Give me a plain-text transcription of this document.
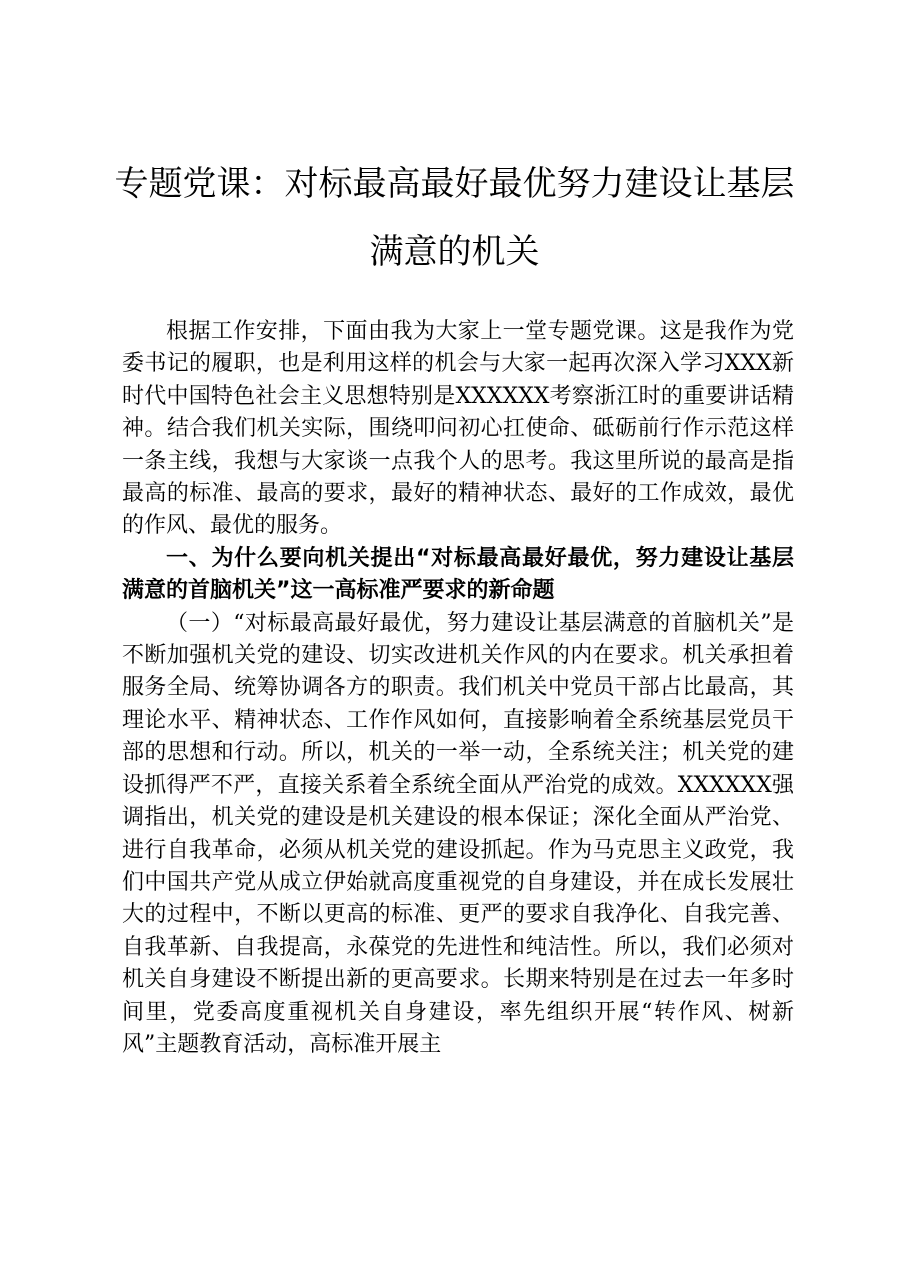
专题党课：对标最高最好最优努力建设让基层满意的机关

根据工作安排，下面由我为大家上一堂专题党课。这是我作为党委书记的履职，也是利用这样的机会与大家一起再次深入学习XXX新时代中国特色社会主义思想特别是XXXXXX考察浙江时的重要讲话精神。结合我们机关实际，围绕叩问初心扛使命、砥砺前行作示范这样一条主线，我想与大家谈一点我个人的思考。我这里所说的最高是指最高的标准、最高的要求，最好的精神状态、最好的工作成效，最优的作风、最优的服务。

一、为什么要向机关提出“对标最高最好最优，努力建设让基层满意的首脑机关”这一高标准严要求的新命题

（一）“对标最高最好最优，努力建设让基层满意的首脑机关”是不断加强机关党的建设、切实改进机关作风的内在要求。机关承担着服务全局、统筹协调各方的职责。我们机关中党员干部占比最高，其理论水平、精神状态、工作作风如何，直接影响着全系统基层党员干部的思想和行动。所以，机关的一举一动，全系统关注；机关党的建设抓得严不严，直接关系着全系统全面从严治党的成效。XXXXXX强调指出，机关党的建设是机关建设的根本保证；深化全面从严治党、进行自我革命，必须从机关党的建设抓起。作为马克思主义政党，我们中国共产党从成立伊始就高度重视党的自身建设，并在成长发展壮大的过程中，不断以更高的标准、更严的要求自我净化、自我完善、自我革新、自我提高，永葆党的先进性和纯洁性。所以，我们必须对机关自身建设不断提出新的更高要求。长期来特别是在过去一年多时间里，党委高度重视机关自身建设，率先组织开展“转作风、树新风”主题教育活动，高标准开展主
